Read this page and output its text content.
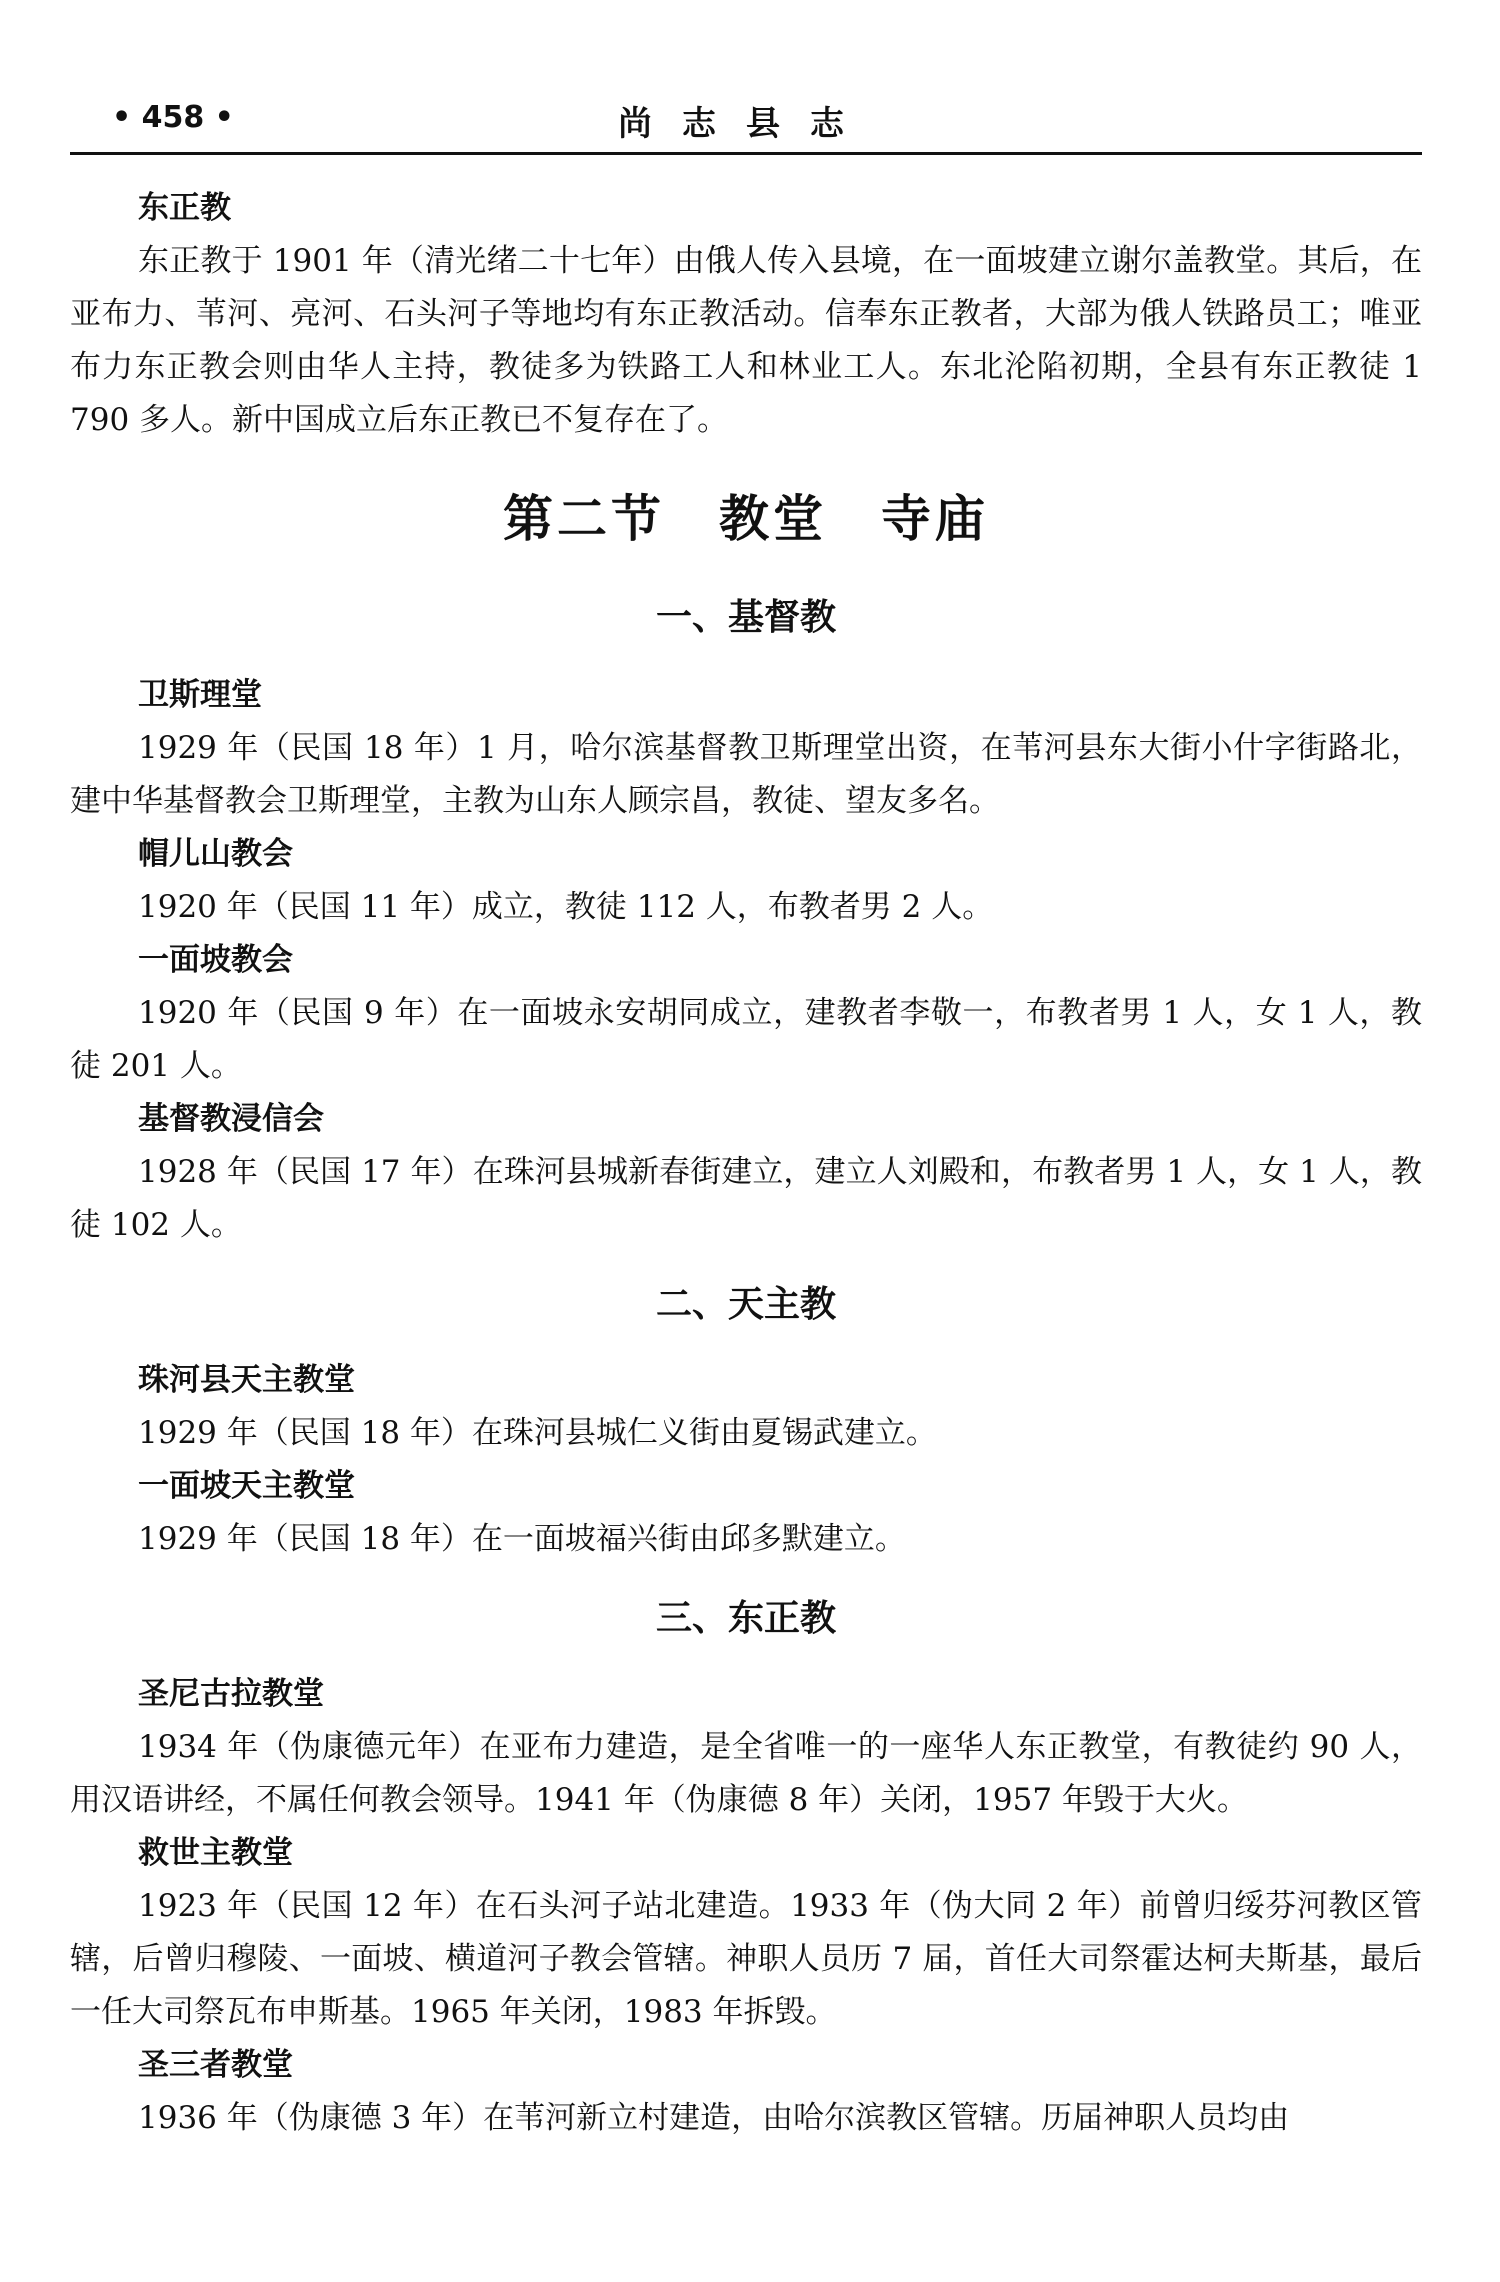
• 458 •	尚志县志

东正教

东正教于 1901 年（清光绪二十七年）由俄人传入县境，在一面坡建立谢尔盖教堂。其后，在亚布力、苇河、亮河、石头河子等地均有东正教活动。信奉东正教者，大部为俄人铁路员工；唯亚布力东正教会则由华人主持，教徒多为铁路工人和林业工人。东北沦陷初期，全县有东正教徒 1 790 多人。新中国成立后东正教已不复存在了。

第二节　教堂　寺庙
一、基督教

卫斯理堂

1929 年（民国 18 年）1 月，哈尔滨基督教卫斯理堂出资，在苇河县东大街小什字街路北，建中华基督教会卫斯理堂，主教为山东人顾宗昌，教徒、望友多名。

帽儿山教会

1920 年（民国 11 年）成立，教徒 112 人，布教者男 2 人。

一面坡教会

1920 年（民国 9 年）在一面坡永安胡同成立，建教者李敬一，布教者男 1 人，女 1 人，教徒 201 人。

基督教浸信会

1928 年（民国 17 年）在珠河县城新春街建立，建立人刘殿和，布教者男 1 人，女 1 人，教徒 102 人。

二、天主教

珠河县天主教堂

1929 年（民国 18 年）在珠河县城仁义街由夏锡武建立。

一面坡天主教堂

1929 年（民国 18 年）在一面坡福兴街由邱多默建立。

三、东正教

圣尼古拉教堂

1934 年（伪康德元年）在亚布力建造，是全省唯一的一座华人东正教堂，有教徒约 90 人，用汉语讲经，不属任何教会领导。1941 年（伪康德 8 年）关闭，1957 年毁于大火。

救世主教堂

1923 年（民国 12 年）在石头河子站北建造。1933 年（伪大同 2 年）前曾归绥芬河教区管辖，后曾归穆陵、一面坡、横道河子教会管辖。神职人员历 7 届，首任大司祭霍达柯夫斯基，最后一任大司祭瓦布申斯基。1965 年关闭，1983 年拆毁。

圣三者教堂

1936 年（伪康德 3 年）在苇河新立村建造，由哈尔滨教区管辖。历届神职人员均由
